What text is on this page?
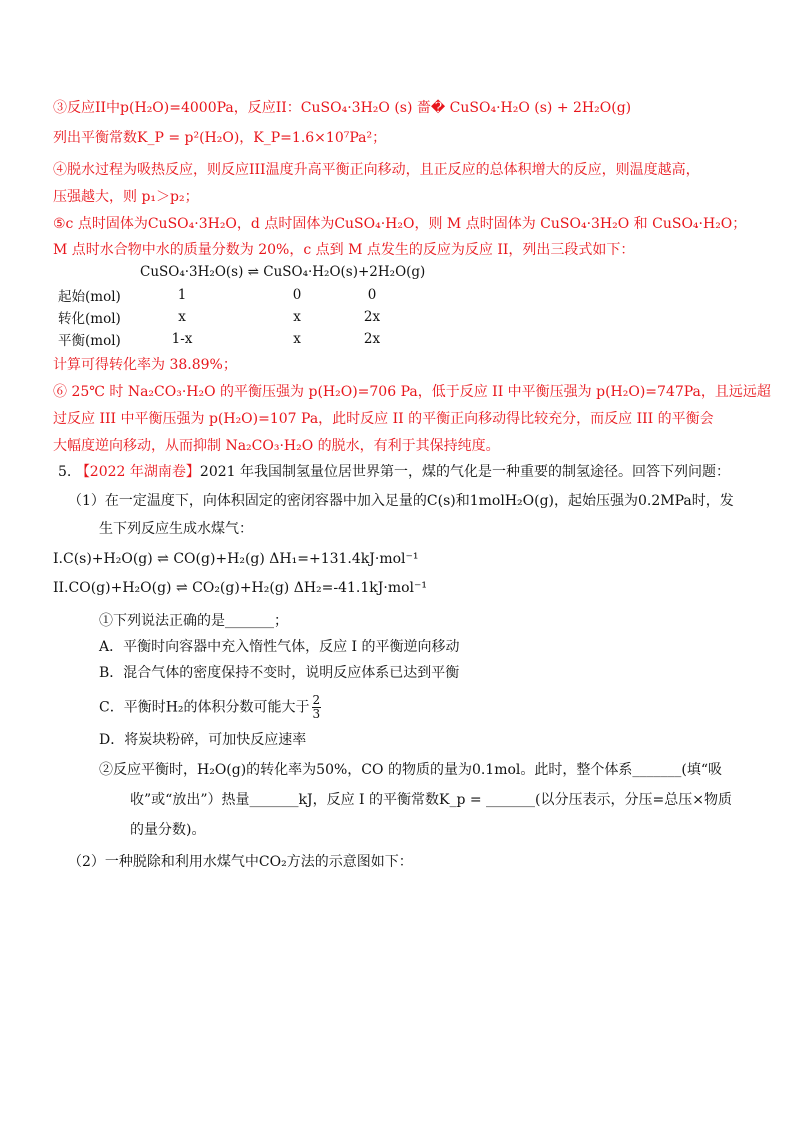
③反应II中p(H₂O)=4000Pa，反应II：CuSO₄·3H₂O (s) 嗇� CuSO₄·H₂O (s) + 2H₂O(g)
列出平衡常数K_P = p²(H₂O)，K_P=1.6×10⁷Pa²；
④脱水过程为吸热反应，则反应III温度升高平衡正向移动，且正反应的总体积增大的反应，则温度越高，
压强越大，则 p₁＞p₂；
⑤c 点时固体为CuSO₄·3H₂O，d 点时固体为CuSO₄·H₂O，则 M 点时固体为 CuSO₄·3H₂O 和 CuSO₄·H₂O；
M 点时水合物中水的质量分数为 20%，c 点到 M 点发生的反应为反应 II，列出三段式如下：
CuSO₄·3H₂O(s) ⇌ CuSO₄·H₂O(s)+2H₂O(g)
起始(mol)	1	0	0
转化(mol)	x	x	2x
平衡(mol)	1-x	x	2x
计算可得转化率为 38.89%；
⑥ 25℃ 时 Na₂CO₃·H₂O 的平衡压强为 p(H₂O)=706 Pa，低于反应 II 中平衡压强为 p(H₂O)=747Pa，且远远超
过反应 III 中平衡压强为 p(H₂O)=107 Pa，此时反应 II 的平衡正向移动得比较充分，而反应 III 的平衡会
大幅度逆向移动，从而抑制 Na₂CO₃·H₂O 的脱水，有利于其保持纯度。
5. 【2022 年湖南卷】2021 年我国制氢量位居世界第一，煤的气化是一种重要的制氢途径。回答下列问题：
（1）在一定温度下，向体积固定的密闭容器中加入足量的C(s)和1molH₂O(g)，起始压强为0.2MPa时，发
生下列反应生成水煤气：
I.C(s)+H₂O(g) ⇌ CO(g)+H₂(g) ΔH₁=+131.4kJ·mol⁻¹
II.CO(g)+H₂O(g) ⇌ CO₂(g)+H₂(g) ΔH₂=-41.1kJ·mol⁻¹
①下列说法正确的是_______；
A．平衡时向容器中充入惰性气体，反应 I 的平衡逆向移动
B．混合气体的密度保持不变时，说明反应体系已达到平衡
C．平衡时H₂的体积分数可能大于 $\frac{2}{3}$
D．将炭块粉碎，可加快反应速率
②反应平衡时，H₂O(g)的转化率为50%，CO 的物质的量为0.1mol。此时，整个体系_______(填“吸
收”或“放出”）热量_______kJ，反应 I 的平衡常数K_p = _______(以分压表示，分压=总压×物质
的量分数)。
（2）一种脱除和利用水煤气中CO₂方法的示意图如下：
